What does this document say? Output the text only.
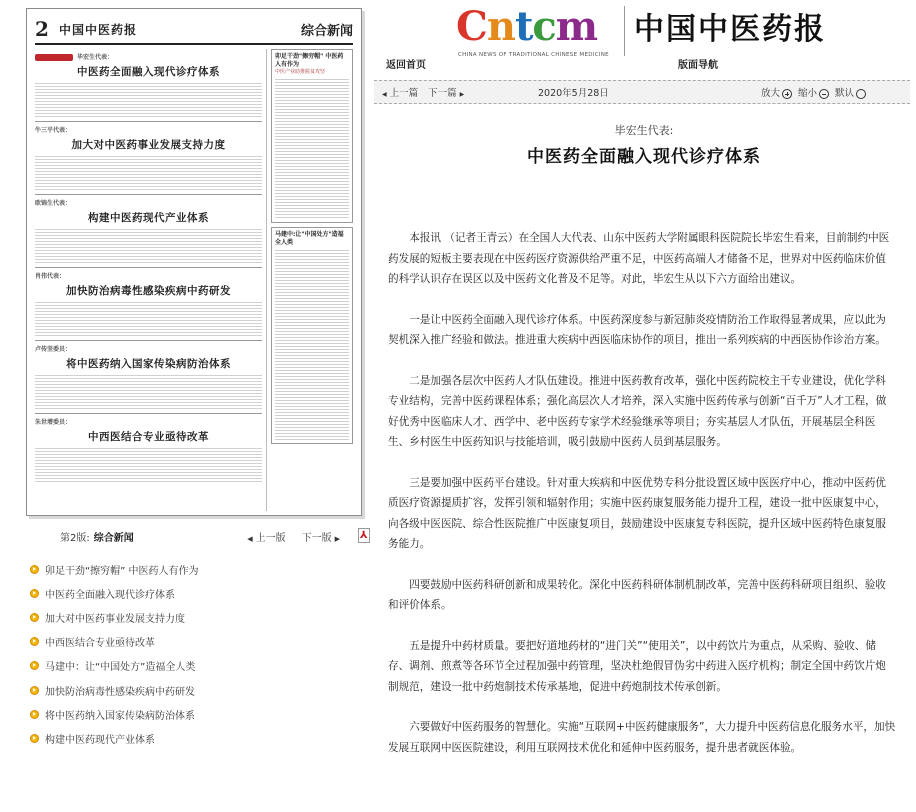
2 中国中医药报
	综合新闻
毕宏生代表：
中医药全面融入现代诊疗体系
牛三平代表：
加大对中医药事业发展支持力度
欧锦生代表：
构建中医药现代产业体系
肖伟代表：
加快防治病毒性感染疾病中药研发
卢传坚委员：
将中医药纳入国家传染病防治体系
朱世增委员：
中西医结合专业亟待改革
卯足干劲"擦穷帽" 中医药人有作为
中医产业助推脱贫攻坚
马建中:让"中国处方"造福全人类
第2版: 综合新闻	◀ 上一版 下一版 ▶ ⅄
卯足干劲“擦穷帽” 中医药人有作为
中医药全面融入现代诊疗体系
加大对中医药事业发展支持力度
中西医结合专业亟待改革
马建中：让“中国处方”造福全人类
加快防治病毒性感染疾病中药研发
将中医药纳入国家传染病防治体系
构建中医药现代产业体系
Cntcm
CHINA NEWS OF TRADITIONAL CHINESE MEDICINE
中国中医药报
返回首页	版面导航
◀ 上一篇 下一篇 ▶	2020年5月28日	放大	缩小	默认
毕宏生代表:
中医药全面融入现代诊疗体系

本报讯 （记者王青云）在全国人大代表、山东中医药大学附属眼科医院院长毕宏生看来，目前制约中医药发展的短板主要表现在中医药医疗资源供给严重不足，中医药高端人才储备不足，世界对中医药临床价值的科学认识存在误区以及中医药文化普及不足等。对此，毕宏生从以下六方面给出建议。

一是让中医药全面融入现代诊疗体系。中医药深度参与新冠肺炎疫情防治工作取得显著成果，应以此为契机深入推广经验和做法。推进重大疾病中西医临床协作的项目，推出一系列疾病的中西医协作诊治方案。

二是加强各层次中医药人才队伍建设。推进中医药教育改革，强化中医药院校主干专业建设，优化学科专业结构，完善中医药课程体系；强化高层次人才培养，深入实施中医药传承与创新“百千万”人才工程，做好优秀中医临床人才、西学中、老中医药专家学术经验继承等项目；夯实基层人才队伍，开展基层全科医生、乡村医生中医药知识与技能培训，吸引鼓励中医药人员到基层服务。

三是要加强中医药平台建设。针对重大疾病和中医优势专科分批设置区域中医医疗中心，推动中医药优质医疗资源提质扩容，发挥引领和辐射作用；实施中医药康复服务能力提升工程，建设一批中医康复中心，向各级中医医院、综合性医院推广中医康复项目，鼓励建设中医康复专科医院，提升区域中医药特色康复服务能力。

四要鼓励中医药科研创新和成果转化。深化中医药科研体制机制改革，完善中医药科研项目组织、验收和评价体系。

五是提升中药材质量。要把好道地药材的“进门关”“使用关”，以中药饮片为重点，从采购、验收、储存、调剂、煎煮等各环节全过程加强中药管理，坚决杜绝假冒伪劣中药进入医疗机构；制定全国中药饮片炮制规范，建设一批中药炮制技术传承基地，促进中药炮制技术传承创新。

六要做好中医药服务的智慧化。实施“互联网+中医药健康服务”，大力提升中医药信息化服务水平，加快发展互联网中医医院建设，利用互联网技术优化和延伸中医药服务，提升患者就医体验。
